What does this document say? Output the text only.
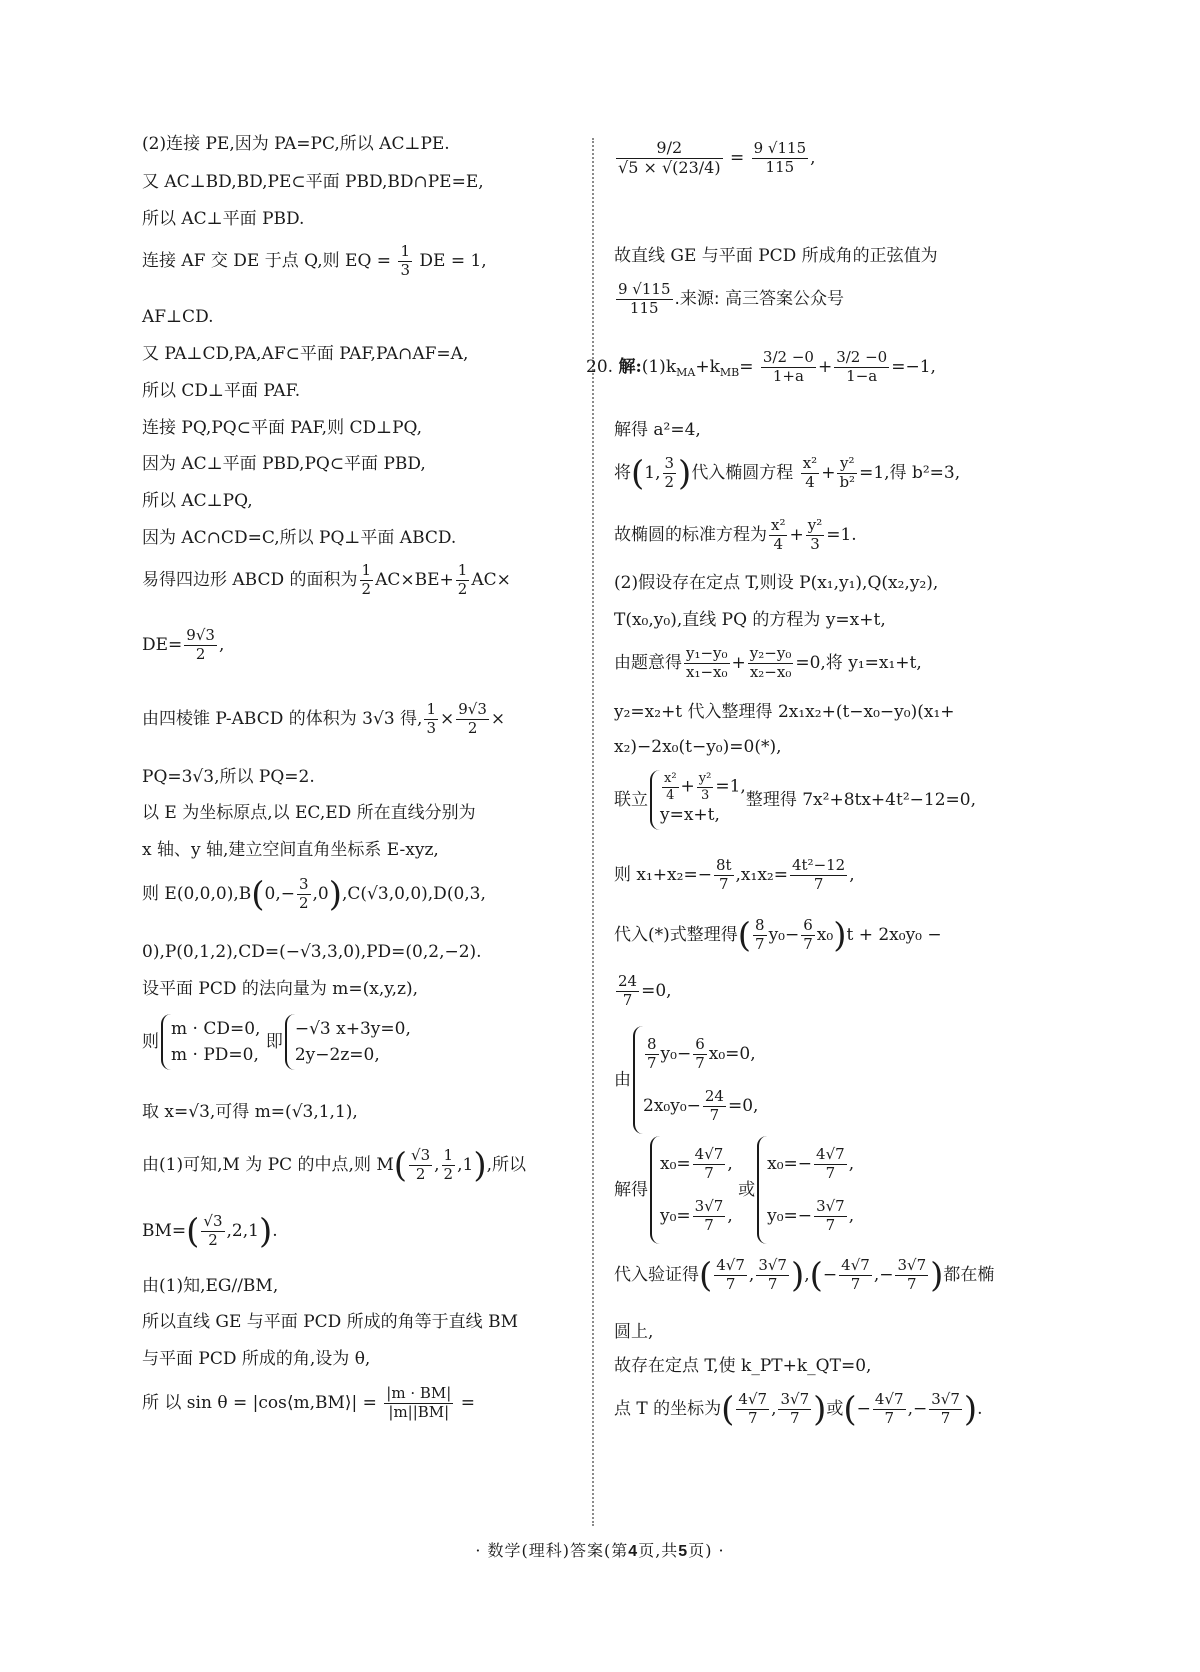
(2)连接 PE,因为 PA=PC,所以 AC⊥PE.
又 AC⊥BD,BD,PE⊂平面 PBD,BD∩PE=E,
所以 AC⊥平面 PBD.
连接 AF 交 DE 于点 Q,则 EQ = $\frac{1}{3}$ DE = 1,
AF⊥CD.
又 PA⊥CD,PA,AF⊂平面 PAF,PA∩AF=A,
所以 CD⊥平面 PAF.
连接 PQ,PQ⊂平面 PAF,则 CD⊥PQ,
因为 AC⊥平面 PBD,PQ⊂平面 PBD,
所以 AC⊥PQ,
因为 AC∩CD=C,所以 PQ⊥平面 ABCD.
易得四边形 ABCD 的面积为 $\frac{1}{2} AC\times BE+ \frac{1}{2} AC\times$
$DE= \frac{9√3}{2}$ ,
由四棱锥 P-ABCD 的体积为 3√3 得, $\frac{1}{3} \times \frac{9√3}{2}$ ×
PQ=3√3,所以 PQ=2.
以 E 为坐标原点,以 EC,ED 所在直线分别为
x 轴、y 轴,建立空间直角坐标系 E-xyz,
则 $E(0,0,0),B(0,- \frac{3}{2} ,0),C(√3,0,0),D(0,3$,
0),P(0,1,2),CD=(−√3,3,0),PD=(0,2,−2).
设平面 PCD 的法向量为 m=(x,y,z),
则
m · CD=0,
m · PD=0,
即
−√3 x+3y=0,
2y−2z=0,
取 x=√3,可得 m=(√3,1,1),
由(1)可知,M 为 PC 的中点,则 $M( \frac{√3}{2}$ , $\frac{1}{2} ,1$),所以
$BM=( \frac{√3}{2} ,2,1)$.
由(1)知,EG//BM,
所以直线 GE 与平面 PCD 所成的角等于直线 BM
与平面 PCD 所成的角,设为 θ,
所 以 sin θ = |cos⟨m,BM⟩| = $\frac{|m \cdot BM|}{|m||BM|}$ =
$\frac{9/2}{√5 \times √(23/4)} = \frac{9 √115}{115}$ ,
故直线 GE 与平面 PCD 所成角的正弦值为
$\frac{9 √115}{115}$ .来源: 高三答案公众号
20. 解$:(1)k_{MA}+k_{MB}= \frac{3/2 -0}{1+a} + \frac{3/2 -0}{1-a} =-1$,
解得 a²=4,
将(1, $\frac{3}{2}$ )代入椭圆方程 $\frac{\text{x²}}{4} + \frac{\text{y²}}{\text{b²}} =1$,得 b²=3,
故椭圆的标准方程为 $\frac{\text{x²}}{4} + \frac{\text{y²}}{3} =1$.
(2)假设存在定点 T,则设 P(x₁,y₁),Q(x₂,y₂),
T(x₀,y₀),直线 PQ 的方程为 y=x+t,
由题意得 $\frac{\text{y₁−y₀}}{\text{x₁−x₀}} + \frac{\text{y₂−y₀}}{\text{x₂−x₀}} =0$,将 y₁=x₁+t,
y₂=x₂+t 代入整理得 2x₁x₂+(t−x₀−y₀)(x₁+
x₂)−2x₀(t−y₀)=0(*),
联立 $\frac{\text{x²}}{4} + \frac{\text{y²}}{3} =1$,
y=x+t,
整理得 7x²+8tx+4t²−12=0,
则 $x_1+x_2=- \frac{8t}{7} ,x_1x_2= \frac{\text{4t²−12}}{7}$ ,
代入(*)式整理得( $\frac{8}{7} y_0- \frac{6}{7} x_0)t + 2x_0y_0$ −
$\frac{24}{7} =0$,
由
$\frac{8}{7} y_0- \frac{6}{7} x_0=0$,
$2x_0y_0- \frac{24}{7} =0$,
解得
$x_0= \frac{4√7}{7}$ ,
$y_0= \frac{3√7}{7}$ ,
或
$x_0=- \frac{4√7}{7}$ ,
$y_0=- \frac{3√7}{7}$ ,
代入验证得( $\frac{4√7}{7}$ , $\frac{3√7}{7}$ ),(− $\frac{4√7}{7}$ ,− $\frac{3√7}{7}$ )都在椭
圆上,
故存在定点 T,使 k_PT+k_QT=0,
点 T 的坐标为( $\frac{4√7}{7}$ , $\frac{3√7}{7}$ )或(− $\frac{4√7}{7}$ ,− $\frac{3√7}{7}$ ).
· 数学(理科)答案(第4页,共5页) ·
